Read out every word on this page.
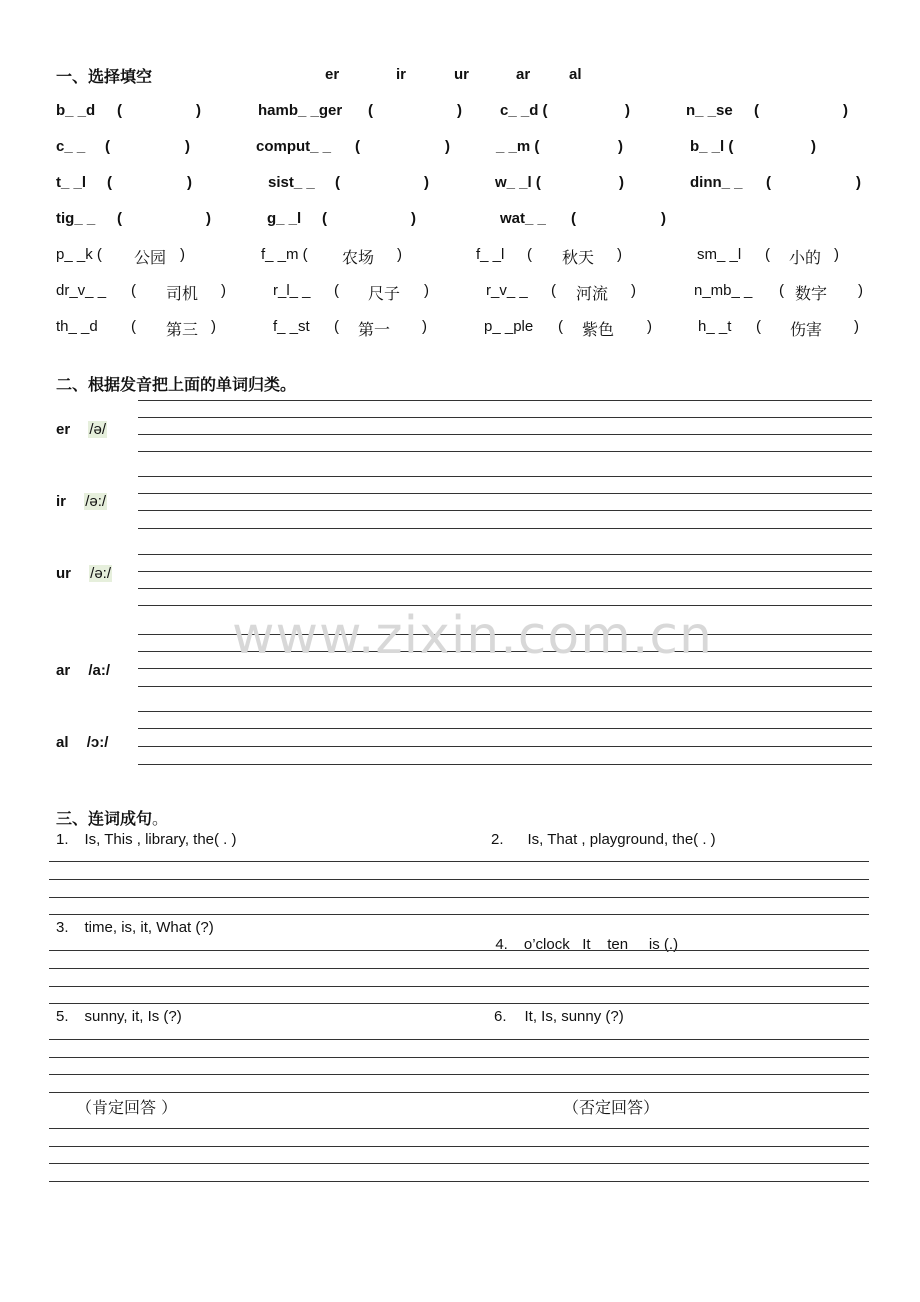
一、选择填空	er	ir	ur	ar	al
b_ _d (	)	hamb_ _ger (	)	c_ _d (	)	n_ _se (	)
c_ _ (	)	comput_ _ (	)	_ _m (	)	b_ _l (	)
t_ _l (	)	sist_ _ (	)	w_ _l (	)	dinn_ _ (	)
tig_ _ (	)	g_ _l (	)	wat_ _ (	)
p_ _k ( 公园 )	f_ _m ( 农场 )	f_ _l ( 秋天 )	sm_ _l ( 小的 )
dr_v_ _ ( 司机 )	r_l_ _ ( 尺子 )	r_v_ _ ( 河流 )	n_mb_ _ ( 数字 )
th_ _d ( 第三 )	f_ _st ( 第一 )	p_ _ple ( 紫色 )	h_ _t ( 伤害 )
二、根据发音把上面的单词归类。
er /ə/
ir /ə:/
ur /ə:/
ar /a:/
al /ɔ:/
www.zixin.com.cn
三、连词成句。
1. Is, This , library, the( . )	2. Is, That , playground, the( . )
3. time, is, it, What (?)

4. o’clock   It    ten     is (.)

5. sunny, it, Is (?)	6. It, Is, sunny (?)
（肯定回答 ）	（否定回答）
